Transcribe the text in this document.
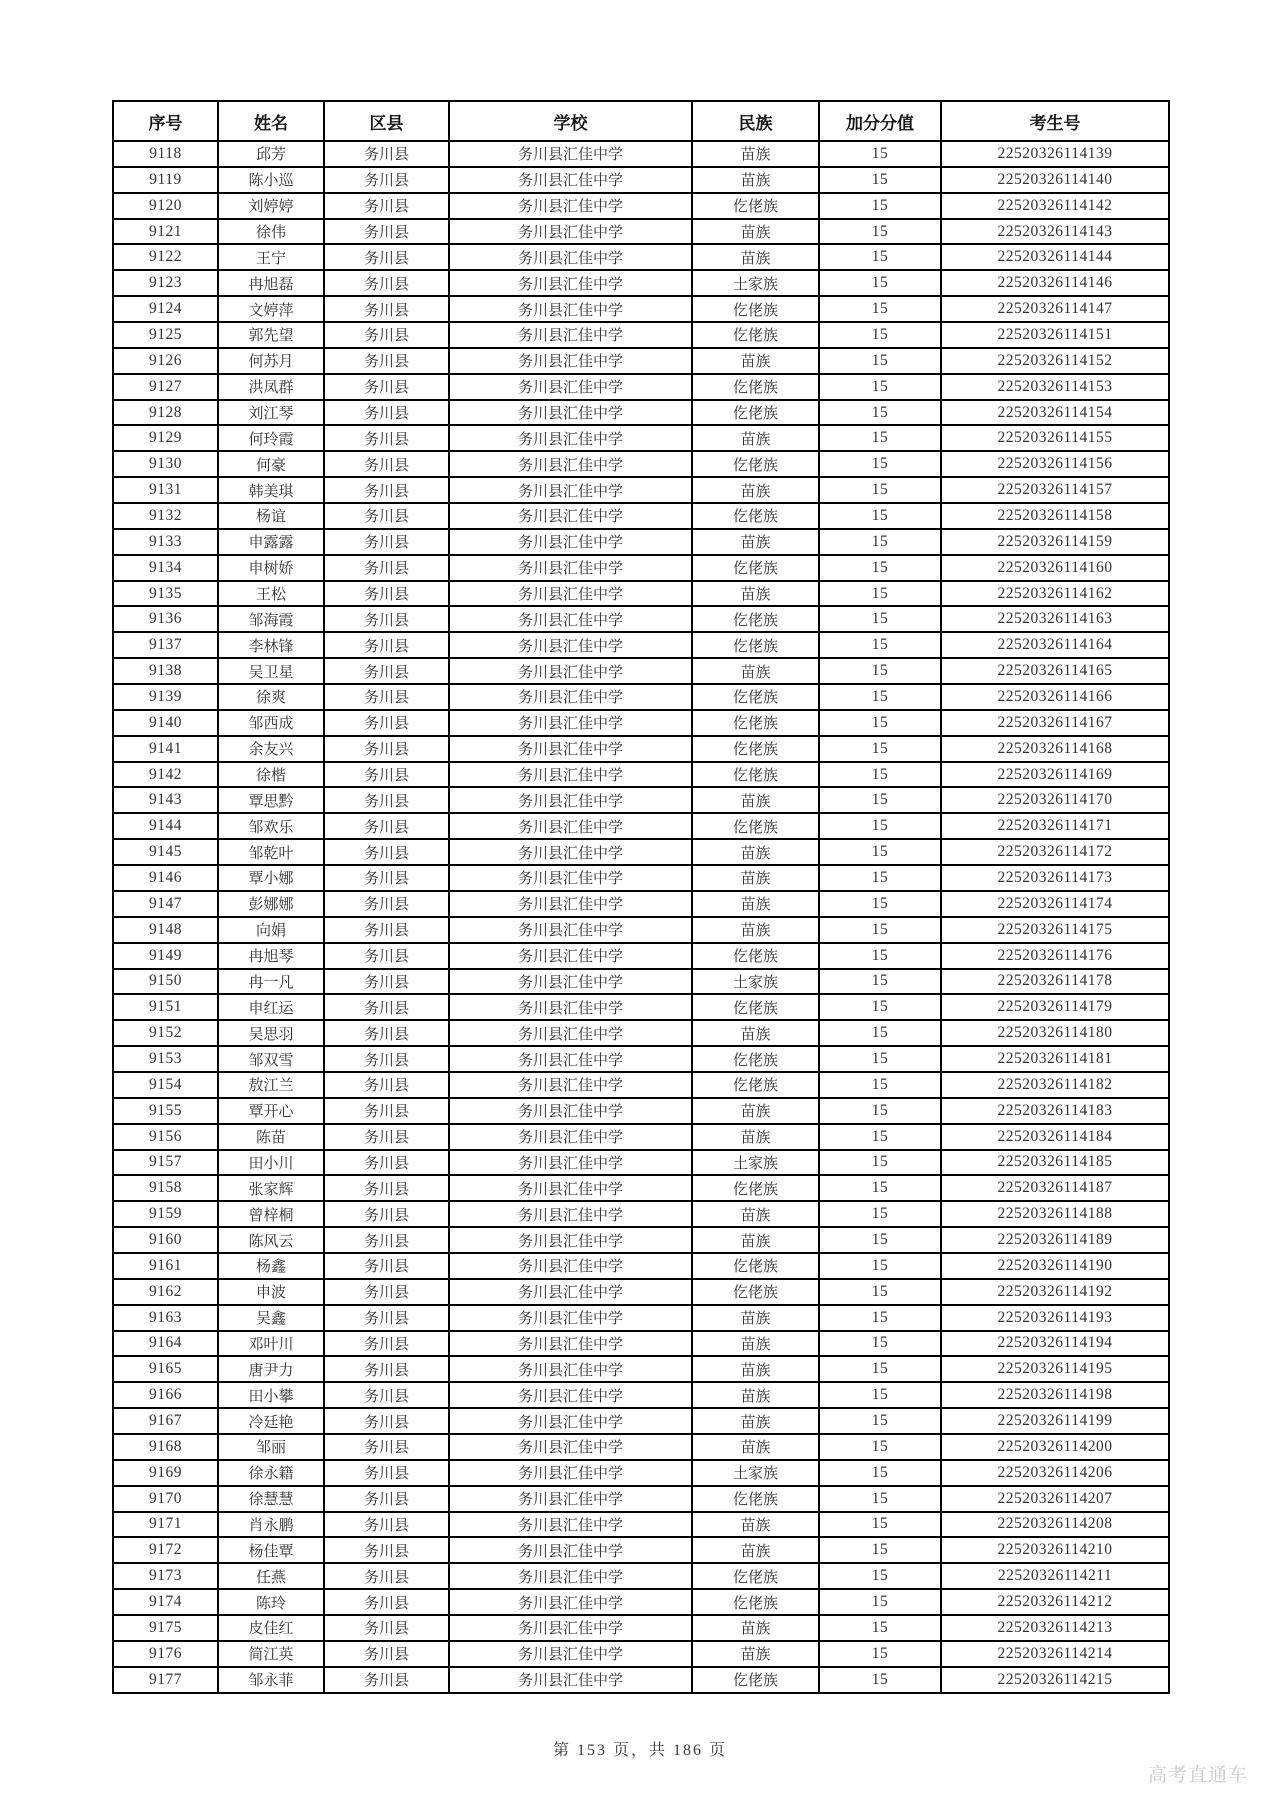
序号	姓名	区县	学校	民族	加分分值	考生号
9118	邱芳	务川县	务川县汇佳中学	苗族	15	22520326114139
9119	陈小巡	务川县	务川县汇佳中学	苗族	15	22520326114140
9120	刘婷婷	务川县	务川县汇佳中学	仡佬族	15	22520326114142
9121	徐伟	务川县	务川县汇佳中学	苗族	15	22520326114143
9122	王宁	务川县	务川县汇佳中学	苗族	15	22520326114144
9123	冉旭磊	务川县	务川县汇佳中学	土家族	15	22520326114146
9124	文婷萍	务川县	务川县汇佳中学	仡佬族	15	22520326114147
9125	郭先望	务川县	务川县汇佳中学	仡佬族	15	22520326114151
9126	何苏月	务川县	务川县汇佳中学	苗族	15	22520326114152
9127	洪凤群	务川县	务川县汇佳中学	仡佬族	15	22520326114153
9128	刘江琴	务川县	务川县汇佳中学	仡佬族	15	22520326114154
9129	何玲霞	务川县	务川县汇佳中学	苗族	15	22520326114155
9130	何豪	务川县	务川县汇佳中学	仡佬族	15	22520326114156
9131	韩美琪	务川县	务川县汇佳中学	苗族	15	22520326114157
9132	杨谊	务川县	务川县汇佳中学	仡佬族	15	22520326114158
9133	申露露	务川县	务川县汇佳中学	苗族	15	22520326114159
9134	申树娇	务川县	务川县汇佳中学	仡佬族	15	22520326114160
9135	王松	务川县	务川县汇佳中学	苗族	15	22520326114162
9136	邹海霞	务川县	务川县汇佳中学	仡佬族	15	22520326114163
9137	李林锋	务川县	务川县汇佳中学	仡佬族	15	22520326114164
9138	吴卫星	务川县	务川县汇佳中学	苗族	15	22520326114165
9139	徐爽	务川县	务川县汇佳中学	仡佬族	15	22520326114166
9140	邹西成	务川县	务川县汇佳中学	仡佬族	15	22520326114167
9141	余友兴	务川县	务川县汇佳中学	仡佬族	15	22520326114168
9142	徐楷	务川县	务川县汇佳中学	仡佬族	15	22520326114169
9143	覃思黔	务川县	务川县汇佳中学	苗族	15	22520326114170
9144	邹欢乐	务川县	务川县汇佳中学	仡佬族	15	22520326114171
9145	邹乾叶	务川县	务川县汇佳中学	苗族	15	22520326114172
9146	覃小娜	务川县	务川县汇佳中学	苗族	15	22520326114173
9147	彭娜娜	务川县	务川县汇佳中学	苗族	15	22520326114174
9148	向娟	务川县	务川县汇佳中学	苗族	15	22520326114175
9149	冉旭琴	务川县	务川县汇佳中学	仡佬族	15	22520326114176
9150	冉一凡	务川县	务川县汇佳中学	土家族	15	22520326114178
9151	申红运	务川县	务川县汇佳中学	仡佬族	15	22520326114179
9152	吴思羽	务川县	务川县汇佳中学	苗族	15	22520326114180
9153	邹双雪	务川县	务川县汇佳中学	仡佬族	15	22520326114181
9154	敖江兰	务川县	务川县汇佳中学	仡佬族	15	22520326114182
9155	覃开心	务川县	务川县汇佳中学	苗族	15	22520326114183
9156	陈苗	务川县	务川县汇佳中学	苗族	15	22520326114184
9157	田小川	务川县	务川县汇佳中学	土家族	15	22520326114185
9158	张家辉	务川县	务川县汇佳中学	仡佬族	15	22520326114187
9159	曾梓桐	务川县	务川县汇佳中学	苗族	15	22520326114188
9160	陈风云	务川县	务川县汇佳中学	苗族	15	22520326114189
9161	杨鑫	务川县	务川县汇佳中学	仡佬族	15	22520326114190
9162	申波	务川县	务川县汇佳中学	仡佬族	15	22520326114192
9163	吴鑫	务川县	务川县汇佳中学	苗族	15	22520326114193
9164	邓叶川	务川县	务川县汇佳中学	苗族	15	22520326114194
9165	唐尹力	务川县	务川县汇佳中学	苗族	15	22520326114195
9166	田小攀	务川县	务川县汇佳中学	苗族	15	22520326114198
9167	冷廷艳	务川县	务川县汇佳中学	苗族	15	22520326114199
9168	邹丽	务川县	务川县汇佳中学	苗族	15	22520326114200
9169	徐永籍	务川县	务川县汇佳中学	土家族	15	22520326114206
9170	徐慧慧	务川县	务川县汇佳中学	仡佬族	15	22520326114207
9171	肖永鹏	务川县	务川县汇佳中学	苗族	15	22520326114208
9172	杨佳覃	务川县	务川县汇佳中学	苗族	15	22520326114210
9173	任燕	务川县	务川县汇佳中学	仡佬族	15	22520326114211
9174	陈玲	务川县	务川县汇佳中学	仡佬族	15	22520326114212
9175	皮佳红	务川县	务川县汇佳中学	苗族	15	22520326114213
9176	简江英	务川县	务川县汇佳中学	苗族	15	22520326114214
9177	邹永菲	务川县	务川县汇佳中学	仡佬族	15	22520326114215
第 153 页，共 186 页
高考直通车
